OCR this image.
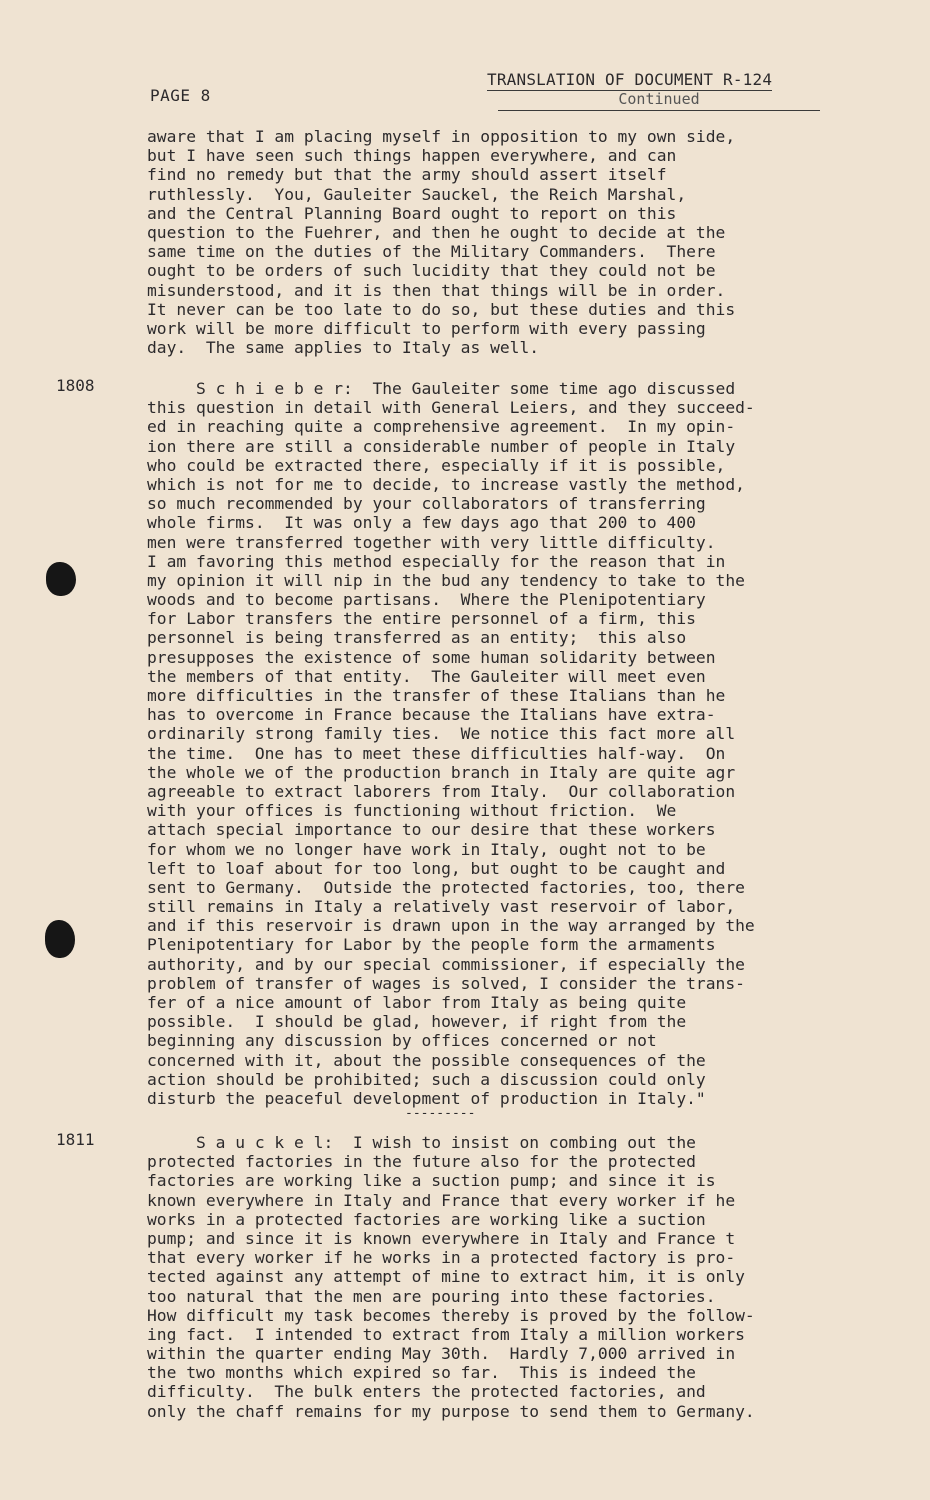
PAGE 8
TRANSLATION OF DOCUMENT R-124
Continued
aware that I am placing myself in opposition to my own side,
but I have seen such things happen everywhere, and can
find no remedy but that the army should assert itself
ruthlessly.  You, Gauleiter Sauckel, the Reich Marshal,
and the Central Planning Board ought to report on this
question to the Fuehrer, and then he ought to decide at the
same time on the duties of the Military Commanders.  There
ought to be orders of such lucidity that they could not be
misunderstood, and it is then that things will be in order.
It never can be too late to do so, but these duties and this
work will be more difficult to perform with every passing
day.  The same applies to Italy as well.
1808	S c h i e b e r:  The Gauleiter some time ago discussed
this question in detail with General Leiers, and they succeed-
ed in reaching quite a comprehensive agreement.  In my opin-
ion there are still a considerable number of people in Italy
who could be extracted there, especially if it is possible,
which is not for me to decide, to increase vastly the method,
so much recommended by your collaborators of transferring
whole firms.  It was only a few days ago that 200 to 400
men were transferred together with very little difficulty.
I am favoring this method especially for the reason that in
my opinion it will nip in the bud any tendency to take to the
woods and to become partisans.  Where the Plenipotentiary
for Labor transfers the entire personnel of a firm, this
personnel is being transferred as an entity;  this also
presupposes the existence of some human solidarity between
the members of that entity.  The Gauleiter will meet even
more difficulties in the transfer of these Italians than he
has to overcome in France because the Italians have extra-
ordinarily strong family ties.  We notice this fact more all
the time.  One has to meet these difficulties half-way.  On
the whole we of the production branch in Italy are quite agr
agreeable to extract laborers from Italy.  Our collaboration
with your offices is functioning without friction.  We
attach special importance to our desire that these workers
for whom we no longer have work in Italy, ought not to be
left to loaf about for too long, but ought to be caught and
sent to Germany.  Outside the protected factories, too, there
still remains in Italy a relatively vast reservoir of labor,
and if this reservoir is drawn upon in the way arranged by the
Plenipotentiary for Labor by the people form the armaments
authority, and by our special commissioner, if especially the
problem of transfer of wages is solved, I consider the trans-
fer of a nice amount of labor from Italy as being quite
possible.  I should be glad, however, if right from the
beginning any discussion by offices concerned or not
concerned with it, about the possible consequences of the
action should be prohibited; such a discussion could only
disturb the peaceful development of production in Italy."
---------
1811	S a u c k e l:  I wish to insist on combing out the
protected factories in the future also for the protected
factories are working like a suction pump; and since it is
known everywhere in Italy and France that every worker if he
works in a protected factories are working like a suction
pump; and since it is known everywhere in Italy and France t
that every worker if he works in a protected factory is pro-
tected against any attempt of mine to extract him, it is only
too natural that the men are pouring into these factories.
How difficult my task becomes thereby is proved by the follow-
ing fact.  I intended to extract from Italy a million workers
within the quarter ending May 30th.  Hardly 7,000 arrived in
the two months which expired so far.  This is indeed the
difficulty.  The bulk enters the protected factories, and
only the chaff remains for my purpose to send them to Germany.
